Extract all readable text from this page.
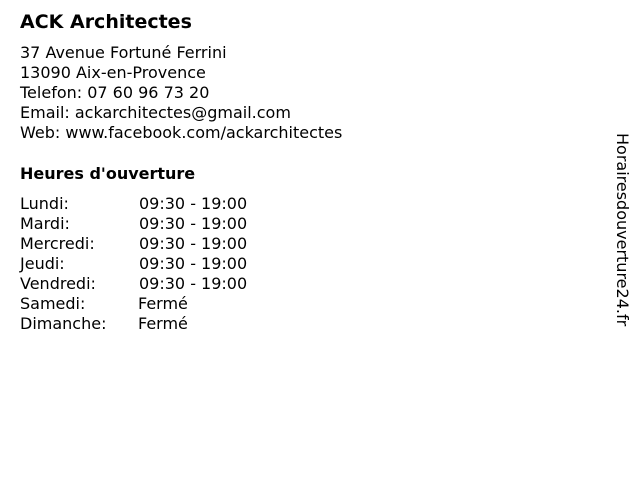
ACK Architectes
37 Avenue Fortuné Ferrini
13090 Aix-en-Provence
Telefon: 07 60 96 73 20
Email: ackarchitectes@gmail.com
Web: www.facebook.com/ackarchitectes
Heures d'ouverture
Lundi:	09:30 - 19:00
Mardi:	09:30 - 19:00
Mercredi:	09:30 - 19:00
Jeudi:	09:30 - 19:00
Vendredi:	09:30 - 19:00
Samedi:	Fermé
Dimanche:	Fermé	Horairesdouverture24.fr
